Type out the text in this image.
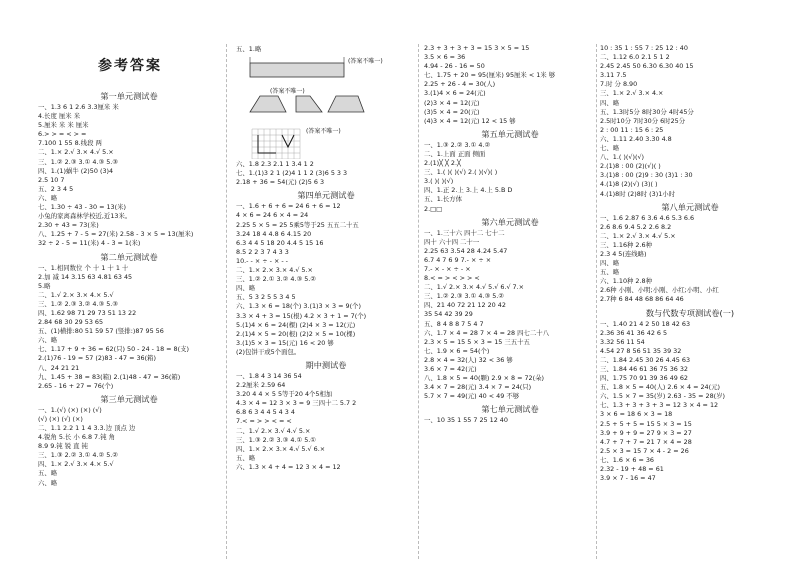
参考答案
第一单元测试卷
一、1.3 6 1 2.6 3.3厘米 米
4.长度 厘米 米
5.厘米 米 米 厘米
6.> > = < > =
7.100 1 55 8.线段 两
二、1.× 2.√ 3.× 4.√ 5.×
三、1.② 2.③ 3.① 4.③ 5.③
四、1.(1)蜗牛 (2)50 (3)4
2.5 10 7
五、2 3 4 5
六、略
七、1.30 ÷ 43 - 30 = 13(米)
小兔的家离森林学校近,近13米。
2.30 + 43 = 73(米)
八、1.25 + 7 - 5 = 27(米) 2.58 - 3 × 5 = 13(厘米)
32 ÷ 2 - 5 = 11(米) 4 - 3 = 1(米)
第二单元测试卷
一、1.相同数位 个 十 1 十 1 十
2.加 减 14 3.15 63 4.81 63 45
5.略
二、1.√ 2.× 3.× 4.× 5.√
三、1.② 2.③ 3.② 4.③ 5.③
四、1.62 98 71 29 73 51 13 22
2.84 68 30 29 53 65
五、(1)横排:80 51 59 57 (竖排:)87 95 56
六、略
七、1.17 + 9 + 36 = 62(只) 50 - 24 - 18 = 8(支)
2.(1)76 - 19 = 57 (2)83 - 47 = 36(箱)
八、24 21 21
九、1.45 + 38 = 83(箱) 2.(1)48 - 47 = 36(箱)
2.65 - 16 + 27 = 76(个)
第三单元测试卷
一、1.(√) (×) (×) (√)
(√) (×) (√) (×)
二、1.1 2.2 1 1 4 3.3.边 顶点 边
4.锐角 5.长 小 6.8 7.钝 角
8.9 9.钝 锐 直 钝
三、1.③ 2.② 3.① 4.② 5.②
四、1.× 2.√ 3.× 4.× 5.√
五、略
六、略
五、1.略
(答案不唯一)
(答案不唯一)
(答案不唯一)
六、1.8 2.3 2.1 1 3.4 1 2
七、1.(1)3 2 1 (2)4 1 1 2 (3)6 5 3 3
2.18 + 36 = 54(元) (2)5 6 3
第四单元测试卷
一、1.6 + 6 + 6 = 24 6 + 6 = 12
4 × 6 = 24 6 × 4 = 24
2.25 5 × 5 = 25 5乘5等于25 五五二十五
3.24 18 4 4.8 6 4.15 20
6.3 4 4 5 18 20 4.4 5 15 16
8.5 2 2 3 7 4 3 3
10.- - × ÷ - × - -
二、1.× 2.× 3.× 4.√ 5.×
三、1.② 2.① 3.② 4.③ 5.②
四、略
五、5 3 2 5 5 3 4 5
六、1.3 × 6 = 18(个) 3.(1)3 × 3 = 9(个)
3.3 × 4 + 3 = 15(根) 4.2 × 3 + 1 = 7(个)
5.(1)4 × 6 = 24(棵) (2)4 × 3 = 12(元)
2.(1)4 × 5 = 20(根) (2)2 × 5 = 10(棵)
3.(1)5 × 3 = 15(元) 16 < 20 够
(2)包饼干或5个面包。
期中测试卷
一、1.8 4 3 14 36 54
2.2厘米 2.59 64
3.20 4 4 × 5 5等于20 4个5相加
4.3 × 4 = 12 3 × 3 = 9 三四十二 5.7 2
6.8 6 3 4 4 5 4 3 4
7.< = > > < = <
二、1.√ 2.× 3.√ 4.√ 5.×
三、1.③ 2.② 3.③ 4.① 5.①
四、1.× 2.× 3.× 4.√ 5.√ 6.×
五、略
六、1.3 × 4 + 4 = 12 3 × 4 = 12
2.3 + 3 + 3 + 3 = 15 3 × 5 = 15
3.5 × 6 = 36
4.94 - 26 - 16 = 50
七、1.75 + 20 = 95(厘米) 95厘米 < 1米 够
2.25 + 26 - 4 = 30(人)
3.(1)4 × 6 = 24(元)
(2)3 × 4 = 12(元)
(3)5 × 4 = 20(元)
(4)3 × 4 = 12(元) 12 < 15 够
第五单元测试卷
一、1.③ 2.② 3.① 4.②
二、1.上面 正面 侧面
2.(1)╳ ╳ 2.╳
三、1.( )( )(√) 2.( )(√)( )
3.( )( )(√)
四、1.正 2.上 3.上 4.上 5.B D
五、1.长方体
2.□□
第六单元测试卷
一、1.三十六 四十二 七十二
四十 六十四 二十一
2.25 63 3.54 28 4.24 5.47
6.7 4 7 6 9 7.- × ÷ ×
7.- × - × ÷ - ×
8.< = > < > > <
二、1.√ 2.× 3.× 4.√ 5.√ 6.√ 7.×
三、1.② 2.③ 3.① 4.③ 5.②
四、21 40 72 21 12 20 42
35 54 42 39 29
五、8 4 8 8 7 5 4 7
六、1.7 × 4 = 28 7 × 4 = 28 四七二十八
2.3 × 5 = 15 5 × 3 = 15 三五十五
七、1.9 × 6 = 54(个)
2.8 × 4 = 32(人) 32 < 36 够
3.6 × 7 = 42(元)
八、1.8 × 5 = 40(颗) 2.9 × 8 = 72(朵)
3.4 × 7 = 28(元) 3.4 × 7 = 24(只)
5.7 × 7 = 49(元) 40 < 49 不够
第七单元测试卷
一、10 35 1 55 7 25 12 40
10 : 35 1 : 55 7 : 25 12 : 40
二、1.12 6.0 2.1 5 1 2
2.45 2.45 50 6.30 6.30 40 15
3.11 7.5
7.时 分 8.90
三、1.× 2.√ 3.× 4.×
四、略
五、1.3时5分 8时30分 4时45分
2.5时10分 7时30分 6时25分
2 : 00 11 : 15 6 : 25
六、1.11 2.40 3.30 4.8
七、略
八、1.( )(√)(√)
2.(1)8 : 00 (2)(√)( )
3.(1)8 : 00 (2)9 : 30 (3)1 : 30
4.(1)8 (2)(√) (3)( )
4.(1)8时 (2)8时 (3)1小时
第八单元测试卷
一、1.6 2.87 6 3.6 4.6 5.3 6.6
2.6 8.6 9.4 5.2 2.6 8.2
二、1.× 2.√ 3.× 4.√ 5.×
三、1.16种 2.6种
2.3 4 5(连线略)
四、略
五、略
六、1.10种 2.8种
2.6种 小刚、小明;小刚、小红;小明、小红
2.7种 6 84 48 68 86 64 46
数与代数专项测试卷(一)
一、1.40 21 4 2 50 18 42 63
2.36 36 41 36 42 6 5
3.32 56 11 54
4.54 27 8 56 51 35 39 32
二、1.84 2.45 30 26 4.45 63
三、1.84 46 61 36 75 36 32
四、1.75 70 91 39 36 49 62
五、1.8 × 5 = 40(人) 2.6 × 4 = 24(元)
六、1.5 × 7 = 35(岁) 2.63 - 35 = 28(岁)
七、1.3 + 3 + 3 + 3 = 12 3 × 4 = 12
3 × 6 = 18 6 × 3 = 18
2.5 + 5 + 5 = 15 5 × 3 = 15
3.9 + 9 + 9 = 27 9 × 3 = 27
4.7 + 7 + 7 = 21 7 × 4 = 28
2.5 × 3 = 15 7 × 4 - 2 = 26
七、1.6 × 6 = 36
2.32 - 19 + 48 = 61
3.9 × 7 - 16 = 47
